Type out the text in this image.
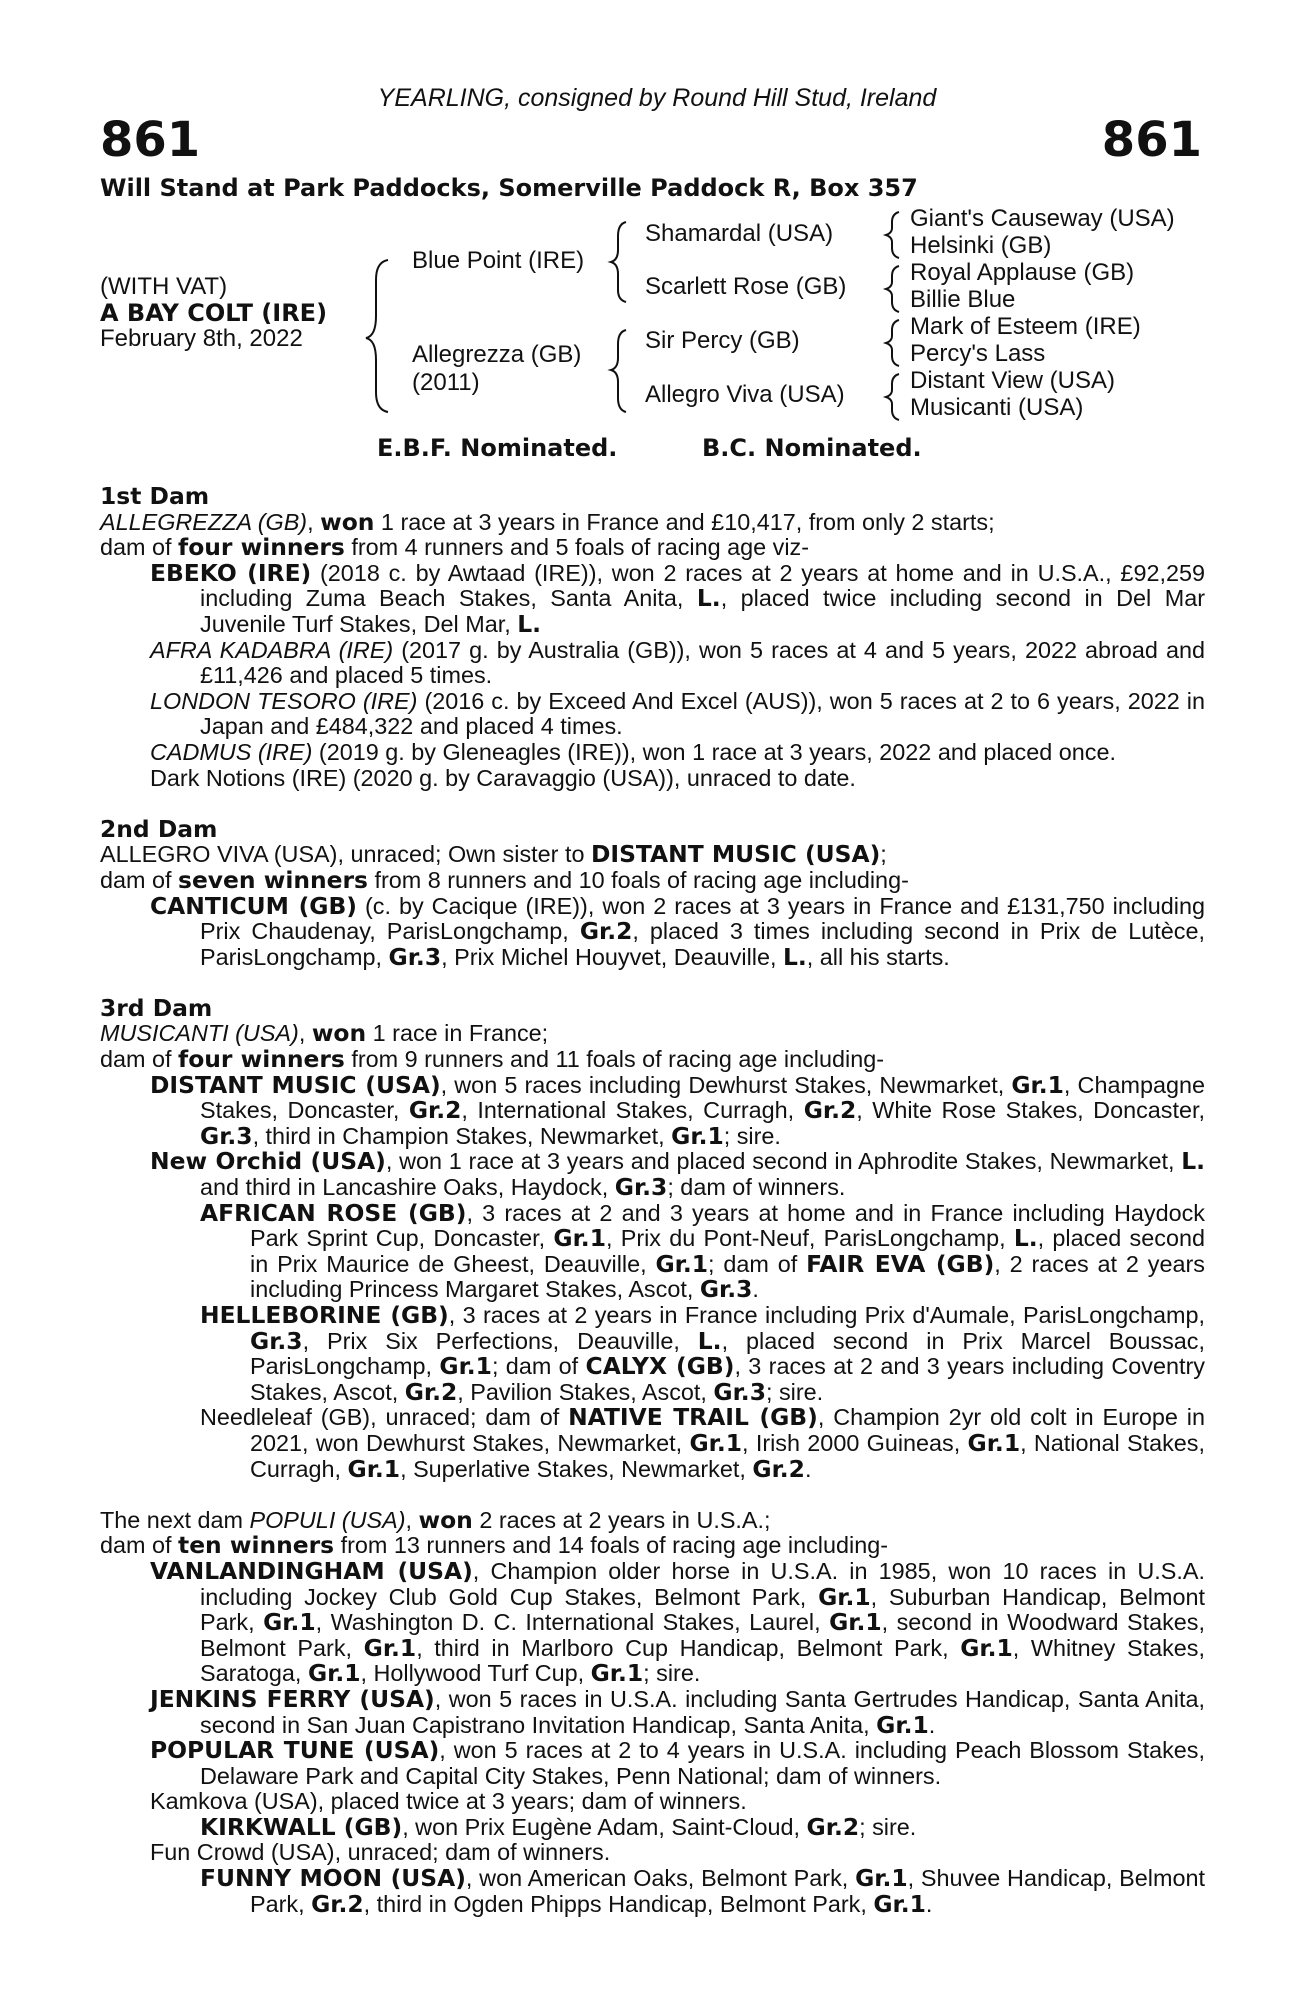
YEARLING, consigned by Round Hill Stud, Ireland
861	861
Will Stand at Park Paddocks, Somerville Paddock R, Box 357
(WITH VAT)
A BAY COLT (IRE)
February 8th, 2022
Blue Point (IRE)
Allegrezza (GB)
(2011)
Shamardal (USA)
Scarlett Rose (GB)
Sir Percy (GB)
Allegro Viva (USA)
Giant's Causeway (USA)
Helsinki (GB)
Royal Applause (GB)
Billie Blue
Mark of Esteem (IRE)
Percy's Lass
Distant View (USA)
Musicanti (USA)
E.B.F. Nominated.	B.C. Nominated.

1st Dam

ALLEGREZZA (GB), won 1 race at 3 years in France and £10,417, from only 2 starts;

dam of four winners from 4 runners and 5 foals of racing age viz-

EBEKO (IRE) (2018 c. by Awtaad (IRE)), won 2 races at 2 years at home and in U.S.A., £92,259 including Zuma Beach Stakes, Santa Anita, L., placed twice including second in Del Mar Juvenile Turf Stakes, Del Mar, L.

AFRA KADABRA (IRE) (2017 g. by Australia (GB)), won 5 races at 4 and 5 years, 2022 abroad and £11,426 and placed 5 times.

LONDON TESORO (IRE) (2016 c. by Exceed And Excel (AUS)), won 5 races at 2 to 6 years, 2022 in Japan and £484,322 and placed 4 times.

CADMUS (IRE) (2019 g. by Gleneagles (IRE)), won 1 race at 3 years, 2022 and placed once.

Dark Notions (IRE) (2020 g. by Caravaggio (USA)), unraced to date.

2nd Dam

ALLEGRO VIVA (USA), unraced; Own sister to DISTANT MUSIC (USA);

dam of seven winners from 8 runners and 10 foals of racing age including-

CANTICUM (GB) (c. by Cacique (IRE)), won 2 races at 3 years in France and £131,750 including Prix Chaudenay, ParisLongchamp, Gr.2, placed 3 times including second in Prix de Lutèce, ParisLongchamp, Gr.3, Prix Michel Houyvet, Deauville, L., all his starts.

3rd Dam

MUSICANTI (USA), won 1 race in France;

dam of four winners from 9 runners and 11 foals of racing age including-

DISTANT MUSIC (USA), won 5 races including Dewhurst Stakes, Newmarket, Gr.1, Champagne Stakes, Doncaster, Gr.2, International Stakes, Curragh, Gr.2, White Rose Stakes, Doncaster, Gr.3, third in Champion Stakes, Newmarket, Gr.1; sire.

New Orchid (USA), won 1 race at 3 years and placed second in Aphrodite Stakes, Newmarket, L. and third in Lancashire Oaks, Haydock, Gr.3; dam of winners.

AFRICAN ROSE (GB), 3 races at 2 and 3 years at home and in France including Haydock Park Sprint Cup, Doncaster, Gr.1, Prix du Pont-Neuf, ParisLongchamp, L., placed second in Prix Maurice de Gheest, Deauville, Gr.1; dam of FAIR EVA (GB), 2 races at 2 years including Princess Margaret Stakes, Ascot, Gr.3.

HELLEBORINE (GB), 3 races at 2 years in France including Prix d'Aumale, ParisLongchamp, Gr.3, Prix Six Perfections, Deauville, L., placed second in Prix Marcel Boussac, ParisLongchamp, Gr.1; dam of CALYX (GB), 3 races at 2 and 3 years including Coventry Stakes, Ascot, Gr.2, Pavilion Stakes, Ascot, Gr.3; sire.

Needleleaf (GB), unraced; dam of NATIVE TRAIL (GB), Champion 2yr old colt in Europe in 2021, won Dewhurst Stakes, Newmarket, Gr.1, Irish 2000 Guineas, Gr.1, National Stakes, Curragh, Gr.1, Superlative Stakes, Newmarket, Gr.2.

The next dam POPULI (USA), won 2 races at 2 years in U.S.A.;

dam of ten winners from 13 runners and 14 foals of racing age including-

VANLANDINGHAM (USA), Champion older horse in U.S.A. in 1985, won 10 races in U.S.A. including Jockey Club Gold Cup Stakes, Belmont Park, Gr.1, Suburban Handicap, Belmont Park, Gr.1, Washington D. C. International Stakes, Laurel, Gr.1, second in Woodward Stakes, Belmont Park, Gr.1, third in Marlboro Cup Handicap, Belmont Park, Gr.1, Whitney Stakes, Saratoga, Gr.1, Hollywood Turf Cup, Gr.1; sire.

JENKINS FERRY (USA), won 5 races in U.S.A. including Santa Gertrudes Handicap, Santa Anita, second in San Juan Capistrano Invitation Handicap, Santa Anita, Gr.1.

POPULAR TUNE (USA), won 5 races at 2 to 4 years in U.S.A. including Peach Blossom Stakes, Delaware Park and Capital City Stakes, Penn National; dam of winners.

Kamkova (USA), placed twice at 3 years; dam of winners.

KIRKWALL (GB), won Prix Eugène Adam, Saint-Cloud, Gr.2; sire.

Fun Crowd (USA), unraced; dam of winners.

FUNNY MOON (USA), won American Oaks, Belmont Park, Gr.1, Shuvee Handicap, Belmont Park, Gr.2, third in Ogden Phipps Handicap, Belmont Park, Gr.1.
